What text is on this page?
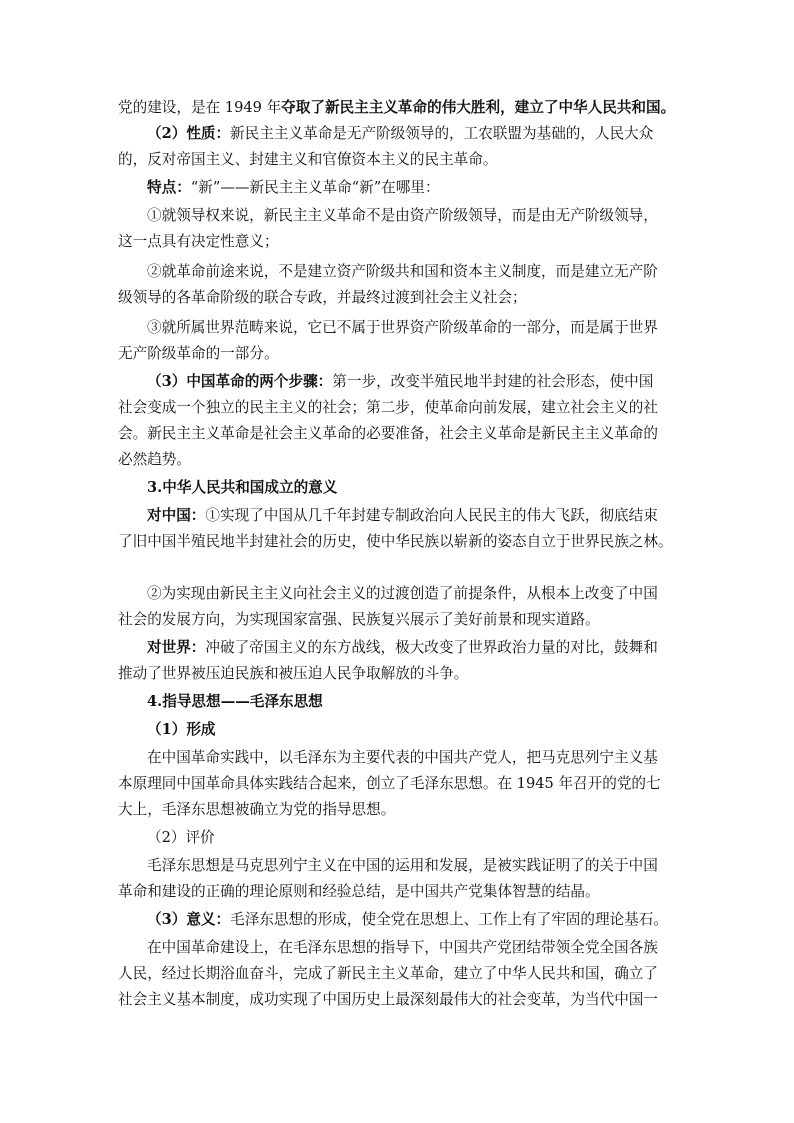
党的建设，是在 1949 年夺取了新民主主义革命的伟大胜利，建立了中华人民共和国。
（2）性质：新民主主义革命是无产阶级领导的，工农联盟为基础的，人民大众
的，反对帝国主义、封建主义和官僚资本主义的民主革命。
特点：“新”——新民主主义革命“新”在哪里：
①就领导权来说，新民主主义革命不是由资产阶级领导，而是由无产阶级领导，
这一点具有决定性意义；
②就革命前途来说，不是建立资产阶级共和国和资本主义制度，而是建立无产阶
级领导的各革命阶级的联合专政，并最终过渡到社会主义社会；
③就所属世界范畴来说，它已不属于世界资产阶级革命的一部分，而是属于世界
无产阶级革命的一部分。
（3）中国革命的两个步骤：第一步，改变半殖民地半封建的社会形态，使中国
社会变成一个独立的民主主义的社会；第二步，使革命向前发展，建立社会主义的社
会。新民主主义革命是社会主义革命的必要准备，社会主义革命是新民主主义革命的
必然趋势。
3.中华人民共和国成立的意义
对中国：①实现了中国从几千年封建专制政治向人民民主的伟大飞跃，彻底结束
了旧中国半殖民地半封建社会的历史，使中华民族以崭新的姿态自立于世界民族之林。
②为实现由新民主主义向社会主义的过渡创造了前提条件，从根本上改变了中国
社会的发展方向，为实现国家富强、民族复兴展示了美好前景和现实道路。
对世界：冲破了帝国主义的东方战线，极大改变了世界政治力量的对比，鼓舞和
推动了世界被压迫民族和被压迫人民争取解放的斗争。
4.指导思想——毛泽东思想
（1）形成
在中国革命实践中，以毛泽东为主要代表的中国共产党人，把马克思列宁主义基
本原理同中国革命具体实践结合起来，创立了毛泽东思想。在 1945 年召开的党的七
大上，毛泽东思想被确立为党的指导思想。
（2）评价
毛泽东思想是马克思列宁主义在中国的运用和发展，是被实践证明了的关于中国
革命和建设的正确的理论原则和经验总结，是中国共产党集体智慧的结晶。
（3）意义：毛泽东思想的形成，使全党在思想上、工作上有了牢固的理论基石。
在中国革命建设上，在毛泽东思想的指导下，中国共产党团结带领全党全国各族
人民，经过长期浴血奋斗，完成了新民主主义革命，建立了中华人民共和国，确立了
社会主义基本制度，成功实现了中国历史上最深刻最伟大的社会变革，为当代中国一
